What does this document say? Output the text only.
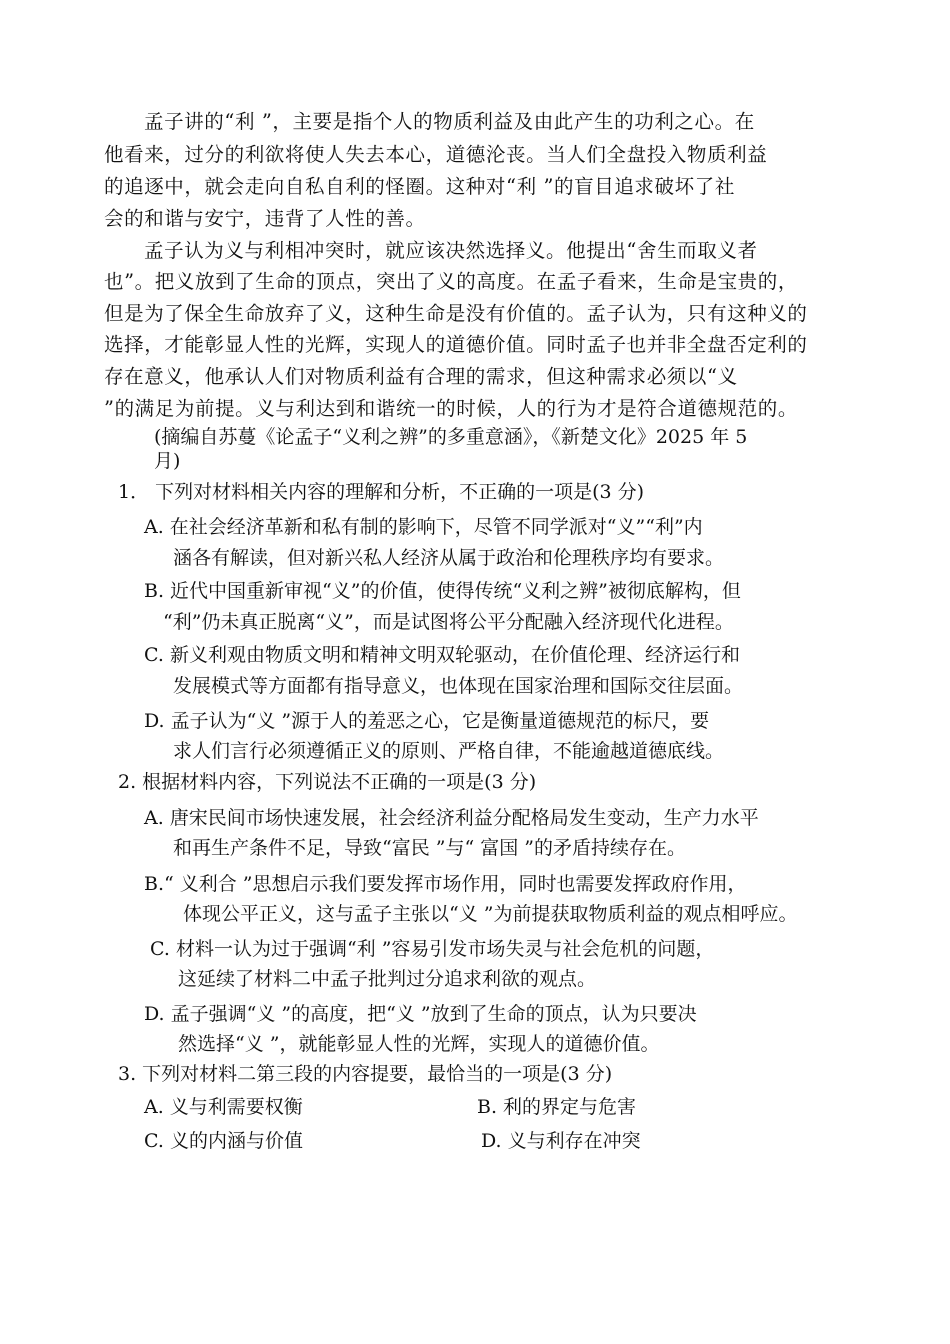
孟子讲的“利 ”，主要是指个人的物质利益及由此产生的功利之心。在
他看来，过分的利欲将使人失去本心，道德沦丧。当人们全盘投入物质利益
的追逐中，就会走向自私自利的怪圈。这种对“利 ”的盲目追求破坏了社
会的和谐与安宁，违背了人性的善。
孟子认为义与利相冲突时，就应该决然选择义。他提出“舍生而取义者
也”。把义放到了生命的顶点，突出了义的高度。在孟子看来，生命是宝贵的，
但是为了保全生命放弃了义，这种生命是没有价值的。孟子认为，只有这种义的
选择，才能彰显人性的光辉，实现人的道德价值。同时孟子也并非全盘否定利的
存在意义，他承认人们对物质利益有合理的需求，但这种需求必须以“义
”的满足为前提。义与利达到和谐统一的时候，人的行为才是符合道德规范的。
(摘编自苏蔓《论孟子“义利之辨”的多重意涵》，《新楚文化》2025 年 5
月)
1． 下列对材料相关内容的理解和分析，不正确的一项是(3 分)
A. 在社会经济革新和私有制的影响下，尽管不同学派对“义”“利”内
涵各有解读，但对新兴私人经济从属于政治和伦理秩序均有要求。
B. 近代中国重新审视“义”的价值，使得传统“义利之辨”被彻底解构，但
“利”仍未真正脱离“义”，而是试图将公平分配融入经济现代化进程。
C. 新义利观由物质文明和精神文明双轮驱动，在价值伦理、经济运行和
发展模式等方面都有指导意义，也体现在国家治理和国际交往层面。
D. 孟子认为“义 ”源于人的羞恶之心，它是衡量道德规范的标尺，要
求人们言行必须遵循正义的原则、严格自律，不能逾越道德底线。
2. 根据材料内容，下列说法不正确的一项是(3 分)
A. 唐宋民间市场快速发展，社会经济利益分配格局发生变动，生产力水平
和再生产条件不足，导致“富民 ”与“ 富国 ”的矛盾持续存在。
B.“ 义利合 ”思想启示我们要发挥市场作用，同时也需要发挥政府作用，
体现公平正义，这与孟子主张以“义 ”为前提获取物质利益的观点相呼应。
C. 材料一认为过于强调“利 ”容易引发市场失灵与社会危机的问题，
这延续了材料二中孟子批判过分追求利欲的观点。
D. 孟子强调“义 ”的高度，把“义 ”放到了生命的顶点，认为只要决
然选择“义 ”，就能彰显人性的光辉，实现人的道德价值。
3. 下列对材料二第三段的内容提要，最恰当的一项是(3 分)
A. 义与利需要权衡	B. 利的界定与危害
C. 义的内涵与价值	D. 义与利存在冲突
